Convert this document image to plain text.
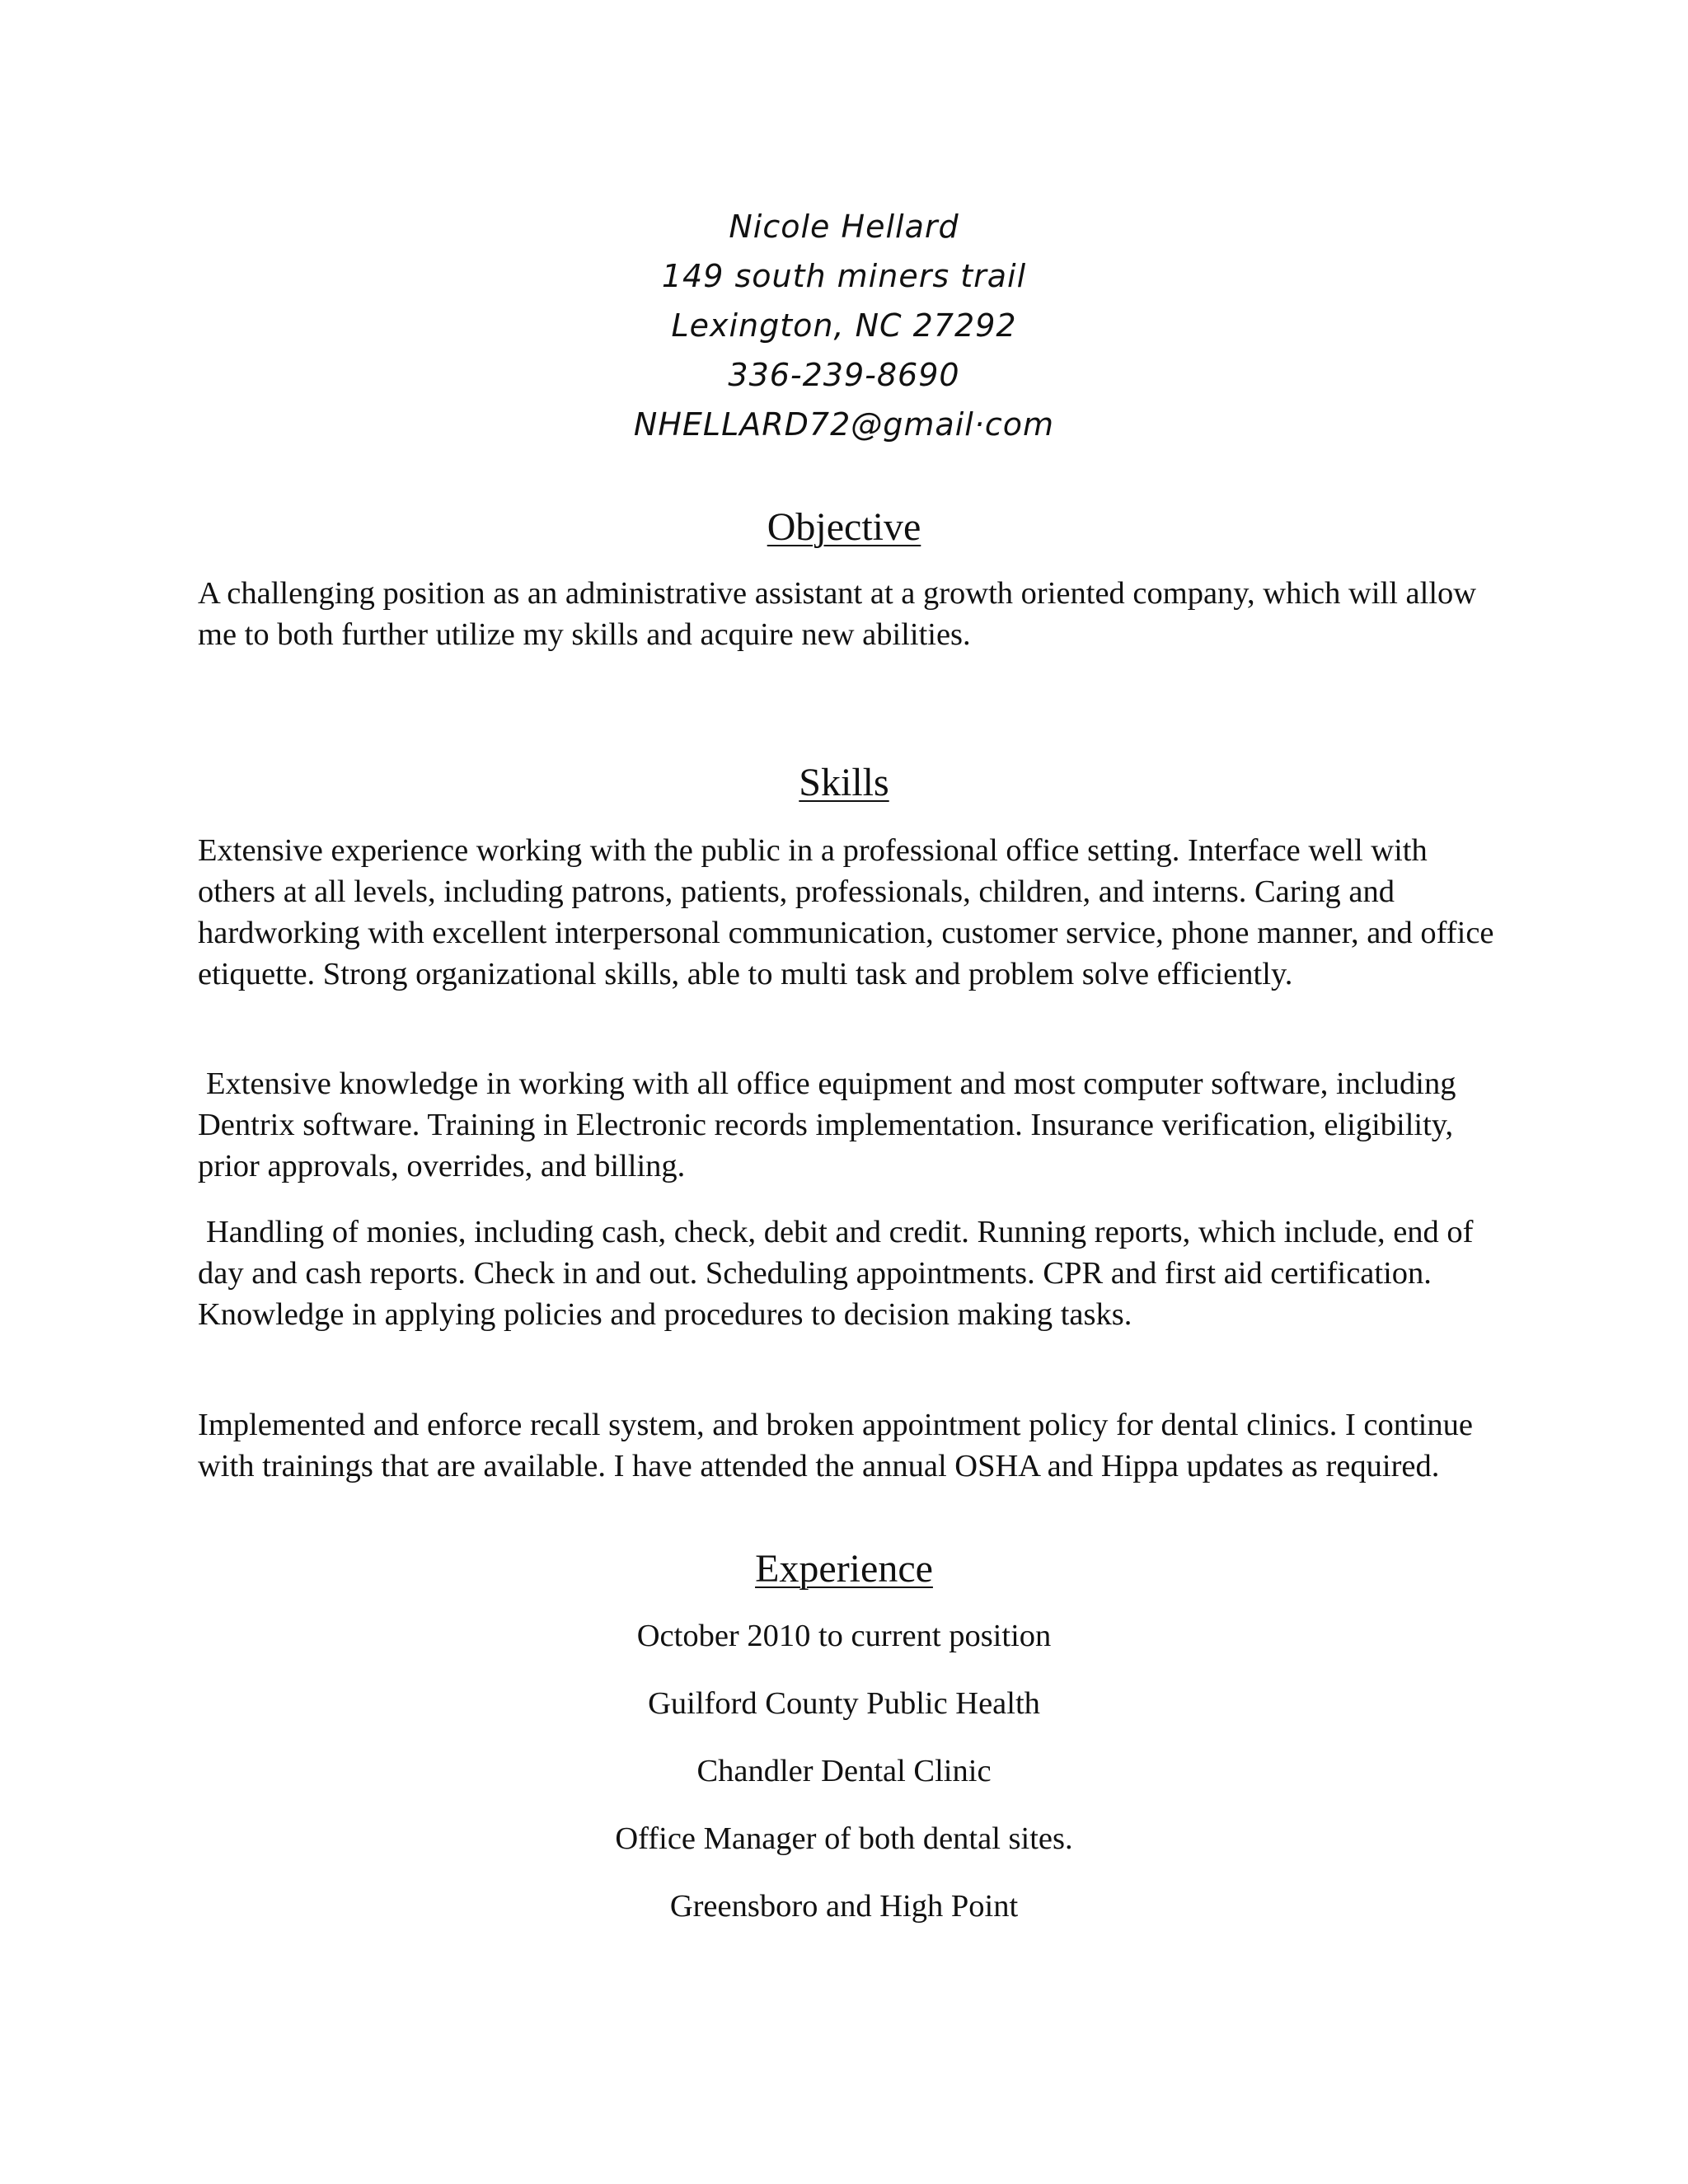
Nicole Hellard
149 south miners trail
Lexington, NC 27292
336-239-8690
NHELLARD72@gmail·com
Objective
A challenging position as an administrative assistant at a growth oriented company, which will allow me to both further utilize my skills and acquire new abilities.
Skills
Extensive experience working with the public in a professional office setting. Interface well with others at all levels, including patrons, patients, professionals, children, and interns. Caring and hardworking with excellent interpersonal communication, customer service, phone manner, and office etiquette. Strong organizational skills, able to multi task and problem solve efficiently.
Extensive knowledge in working with all office equipment and most computer software, including Dentrix software. Training in Electronic records implementation. Insurance verification, eligibility, prior approvals, overrides, and billing.
Handling of monies, including cash, check, debit and credit. Running reports, which include, end of day and cash reports. Check in and out. Scheduling appointments. CPR and first aid certification. Knowledge in applying policies and procedures to decision making tasks.
Implemented and enforce recall system, and broken appointment policy for dental clinics. I continue with trainings that are available. I have attended the annual OSHA and Hippa updates as required.
Experience
October 2010 to current position
Guilford County Public Health
Chandler Dental Clinic
Office Manager of both dental sites.
Greensboro and High Point
